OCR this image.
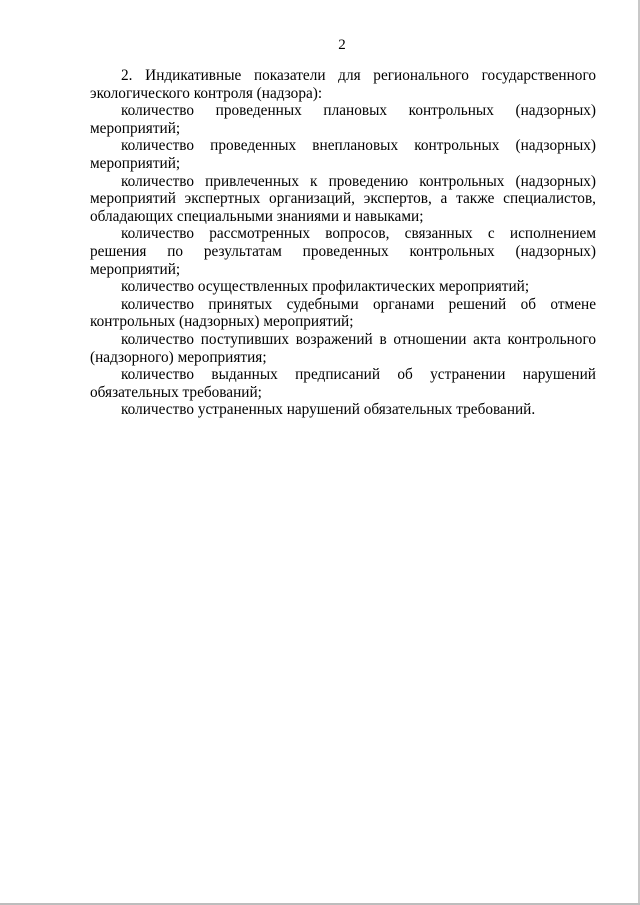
2

2. Индикативные показатели для регионального государственного экологического контроля (надзора):

количество проведенных плановых контрольных (надзорных) мероприятий;

количество проведенных внеплановых контрольных (надзорных) мероприятий;

количество привлеченных к проведению контрольных (надзорных) мероприятий экспертных организаций, экспертов, а также специалистов, обладающих специальными знаниями и навыками;

количество рассмотренных вопросов, связанных с исполнением решения по результатам проведенных контрольных (надзорных) мероприятий;

количество осуществленных профилактических мероприятий;

количество принятых судебными органами решений об отмене контрольных (надзорных) мероприятий;

количество поступивших возражений в отношении акта контрольного (надзорного) мероприятия;

количество выданных предписаний об устранении нарушений обязательных требований;

количество устраненных нарушений обязательных требований.
